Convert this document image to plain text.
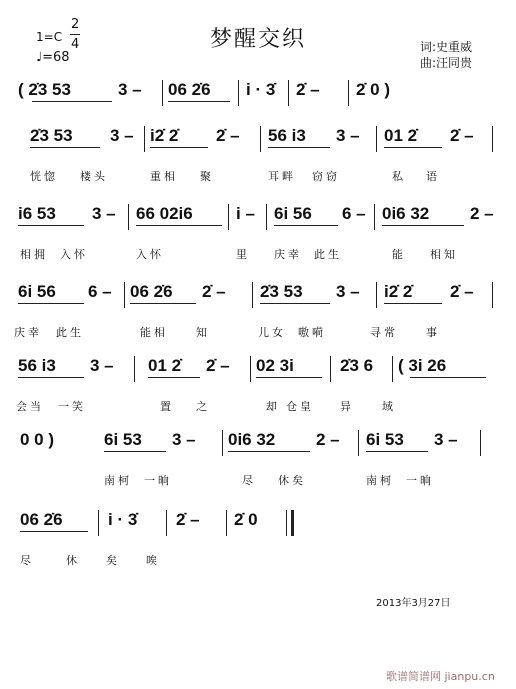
1=C
2
4
♩=68
梦醒交织	词:史重威
曲:汪同贵
( 2̇3 53	3 – 06 2̇6 i · 3̇ 2̇ – 2̇ 0 )
2̇3 53 3 – i2̇ 2̇ 2̇ – 56 i3 3 – 01 2̇ 2̇ –
恍惚 楼头	重相 聚	耳畔 窃窃	私 语
i6 53 3 – 66 02i6	i – 6i 56 6 – 0i6 32 2 –
相拥 入怀	入怀	里 庆幸 此生	能 相知
6i 56 6 – 06 2̇6 2̇ – 2̇3 53 3 – i2̇ 2̇ 2̇ –
庆幸 此生	能相	知	儿女 嗷嗬	寻常	事
56 i3 3 – 01 2̇ 2̇ – 02 3i	2̇3 6 ( 3i 26
会当 一笑	置 之	却 仓皇 异	域
0 0 )	6i 53 3 – 0i6 32 2 – 6i 53 3 –
南柯 一晌	尽 休矣	南柯 一晌
06 2̇6	i · 3̇ 2̇ – 2̇ 0
尽	休 矣 唉
2013年3月27日
歌谱简谱网 jianpu.cn
